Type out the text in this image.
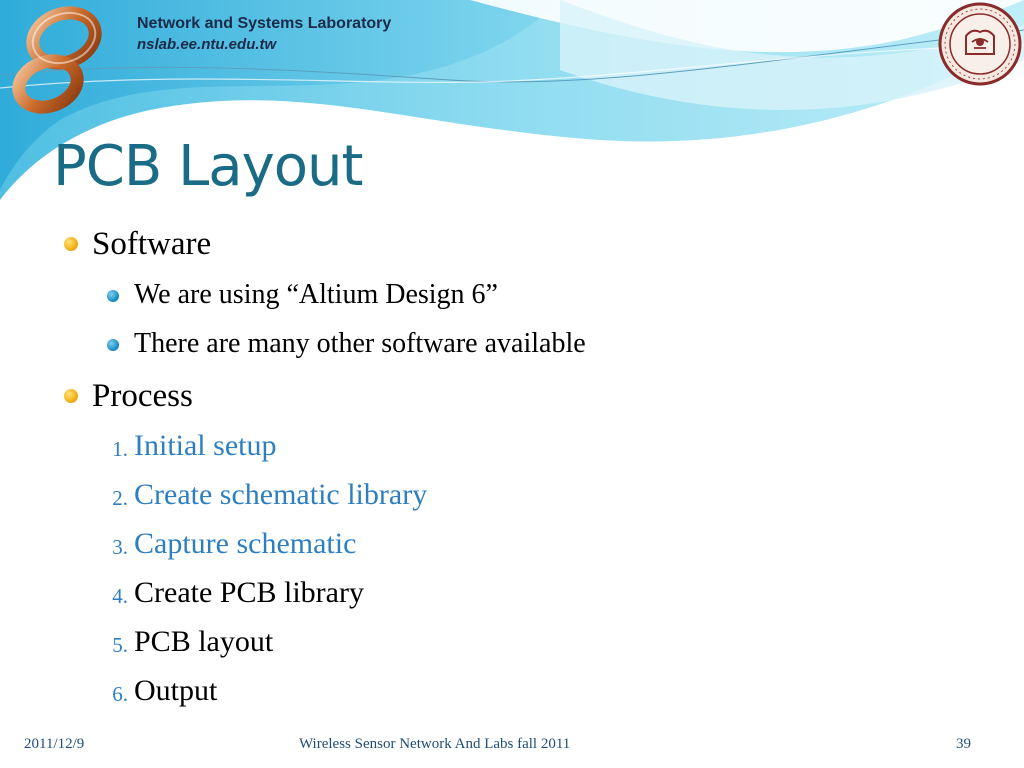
Network and Systems Laboratory
nslab.ee.ntu.edu.tw
PCB Layout
Software
We are using “Altium Design 6”
There are many other software available
Process
1. Initial setup
2. Create schematic library
3. Capture schematic
4. Create PCB library
5. PCB layout
6. Output
2011/12/9	Wireless Sensor Network And Labs fall 2011	39
